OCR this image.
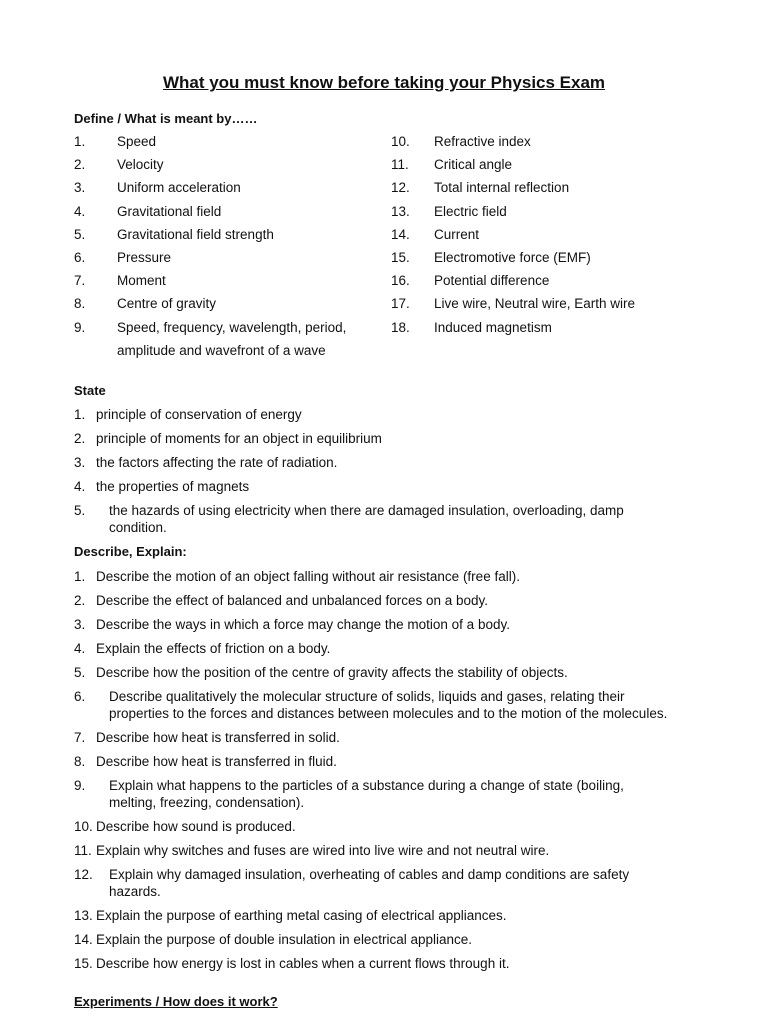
What you must know before taking your Physics Exam
Define / What is meant by……
1.	Speed
2.	Velocity
3.	Uniform acceleration
4.	Gravitational field
5.	Gravitational field strength
6.	Pressure
7.	Moment
8.	Centre of gravity
9.	Speed, frequency, wavelength, period, amplitude and wavefront of a wave
10.	Refractive index
11.	Critical angle
12.	Total internal reflection
13.	Electric field
14.	Current
15.	Electromotive force (EMF)
16.	Potential difference
17.	Live wire, Neutral wire, Earth wire
18.	Induced magnetism
State
1. principle of conservation of energy
2. principle of moments for an object in equilibrium
3. the factors affecting the rate of radiation.
4. the properties of magnets
5.	the hazards of using electricity when there are damaged insulation, overloading, damp condition.
Describe, Explain:
1. Describe the motion of an object falling without air resistance (free fall).
2. Describe the effect of balanced and unbalanced forces on a body.
3. Describe the ways in which a force may change the motion of a body.
4. Explain the effects of friction on a body.
5. Describe how the position of the centre of gravity affects the stability of objects.
6.	Describe qualitatively the molecular structure of solids, liquids and gases, relating their properties to the forces and distances between molecules and to the motion of the molecules.
7. Describe how heat is transferred in solid.
8. Describe how heat is transferred in fluid.
9.	Explain what happens to the particles of a substance during a change of state (boiling, melting, freezing, condensation).
10. Describe how sound is produced.
11. Explain why switches and fuses are wired into live wire and not neutral wire.
12.	Explain why damaged insulation, overheating of cables and damp conditions are safety hazards.
13. Explain the purpose of earthing metal casing of electrical appliances.
14. Explain the purpose of double insulation in electrical appliance.
15. Describe how energy is lost in cables when a current flows through it.
Experiments / How does it work?
